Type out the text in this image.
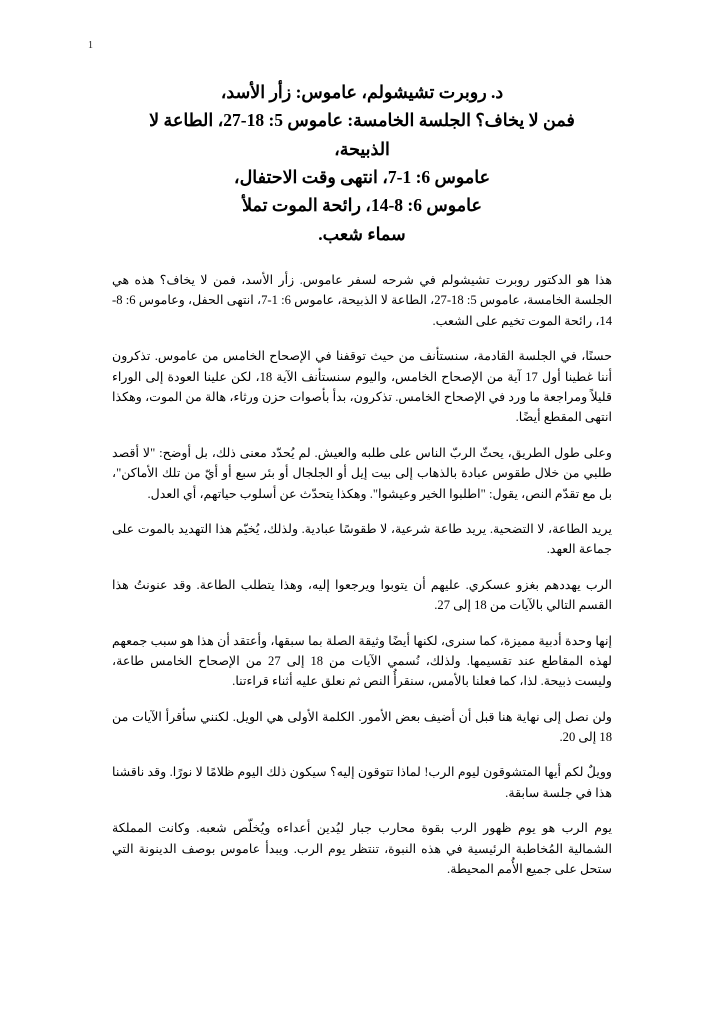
1
د. روبرت تشيشولم، عاموس: زأر الأسد،
فمن لا يخاف؟ الجلسة الخامسة: عاموس 5: 18-27، الطاعة لا
الذبيحة،
عاموس 6: 1-7، انتهى وقت الاحتفال،
عاموس 6: 8-14، رائحة الموت تملأ
سماء شعب.

هذا هو الدكتور روبرت تشيشولم في شرحه لسفر عاموس. زأر الأسد، فمن لا يخاف؟ هذه هي الجلسة الخامسة، عاموس 5: 18-27، الطاعة لا الذبيحة، عاموس 6: 1-7، انتهى الحفل، وعاموس 6: 8-14، رائحة الموت تخيم على الشعب.

حسنًا، في الجلسة القادمة، سنستأنف من حيث توقفنا في الإصحاح الخامس من عاموس. تذكرون أننا غطينا أول 17 آية من الإصحاح الخامس، واليوم سنستأنف الآية 18، لكن علينا العودة إلى الوراء قليلاً ومراجعة ما ورد في الإصحاح الخامس. تذكرون، بدأ بأصوات حزن ورثاء، هالة من الموت، وهكذا انتهى المقطع أيضًا.

وعلى طول الطريق، يحثّ الربّ الناس على طلبه والعيش. لم يُحدّد معنى ذلك، بل أوضح: "لا أقصد طلبي من خلال طقوس عبادة بالذهاب إلى بيت إيل أو الجلجال أو بئر سبع أو أيّ من تلك الأماكن"، بل مع تقدّم النص، يقول: "اطلبوا الخير وعيشوا". وهكذا يتحدّث عن أسلوب حياتهم، أي العدل.

يريد الطاعة، لا التضحية. يريد طاعة شرعية، لا طقوسًا عبادية. ولذلك، يُخيّم هذا التهديد بالموت على جماعة العهد.

الرب يهددهم بغزو عسكري. عليهم أن يتوبوا ويرجعوا إليه، وهذا يتطلب الطاعة. وقد عنونتُ هذا القسم التالي بالآيات من 18 إلى 27.

إنها وحدة أدبية مميزة، كما سنرى، لكنها أيضًا وثيقة الصلة بما سبقها، وأعتقد أن هذا هو سبب جمعهم لهذه المقاطع عند تقسيمها. ولذلك، نُسمي الآيات من 18 إلى 27 من الإصحاح الخامس طاعة، وليست ذبيحة. لذا، كما فعلنا بالأمس، سنقرأُ النص ثم نعلق عليه أثناء قراءتنا.

ولن نصل إلى نهاية هنا قبل أن أضيف بعض الأمور. الكلمة الأولى هي الويل. لكنني سأقرأ الآيات من 18 إلى 20.

وويلٌ لكم أيها المتشوقون ليوم الرب! لماذا تتوقون إليه؟ سيكون ذلك اليوم ظلامًا لا نورًا. وقد ناقشنا هذا في جلسة سابقة.

يوم الرب هو يوم ظهور الرب بقوة محارب جبار ليُدين أعداءه ويُخلّص شعبه. وكانت المملكة الشمالية المُخاطبة الرئيسية في هذه النبوة، تنتظر يوم الرب. ويبدأ عاموس بوصف الدينونة التي ستحل على جميع الأُمم المحيطة.
